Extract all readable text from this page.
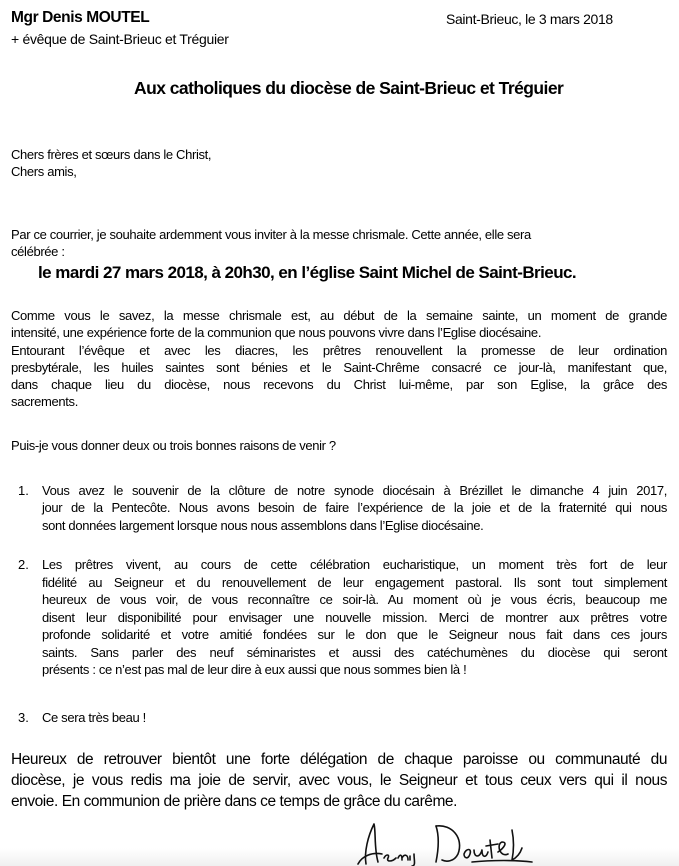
Mgr Denis MOUTEL
+ évêque de Saint-Brieuc et Tréguier
Saint-Brieuc, le 3 mars 2018
Aux catholiques du diocèse de Saint-Brieuc et Tréguier
Chers frères et sœurs dans le Christ,
Chers amis,
Par ce courrier, je souhaite ardemment vous inviter à la messe chrismale. Cette année, elle sera
célébrée :
le mardi 27 mars 2018, à 20h30, en l’église Saint Michel de Saint-Brieuc.
Comme vous le savez, la messe chrismale est, au début de la semaine sainte, un moment de grande
intensité, une expérience forte de la communion que nous pouvons vivre dans l’Eglise diocésaine.
Entourant l’évêque et avec les diacres, les prêtres renouvellent la promesse de leur ordination
presbytérale, les huiles saintes sont bénies et le Saint-Chrême consacré ce jour-là, manifestant que,
dans chaque lieu du diocèse, nous recevons du Christ lui-même, par son Eglise, la grâce des
sacrements.
Puis-je vous donner deux ou trois bonnes raisons de venir ?
1. Vous avez le souvenir de la clôture de notre synode diocésain à Brézillet le dimanche 4 juin 2017,
jour de la Pentecôte. Nous avons besoin de faire l’expérience de la joie et de la fraternité qui nous
sont données largement lorsque nous nous assemblons dans l’Eglise diocésaine.
2. Les prêtres vivent, au cours de cette célébration eucharistique, un moment très fort de leur
fidélité au Seigneur et du renouvellement de leur engagement pastoral. Ils sont tout simplement
heureux de vous voir, de vous reconnaître ce soir-là. Au moment où je vous écris, beaucoup me
disent leur disponibilité pour envisager une nouvelle mission. Merci de montrer aux prêtres votre
profonde solidarité et votre amitié fondées sur le don que le Seigneur nous fait dans ces jours
saints. Sans parler des neuf séminaristes et aussi des catéchumènes du diocèse qui seront
présents : ce n’est pas mal de leur dire à eux aussi que nous sommes bien là !
3. Ce sera très beau !
Heureux de retrouver bientôt une forte délégation de chaque paroisse ou communauté du
diocèse, je vous redis ma joie de servir, avec vous, le Seigneur et tous ceux vers qui il nous
envoie. En communion de prière dans ce temps de grâce du carême.
